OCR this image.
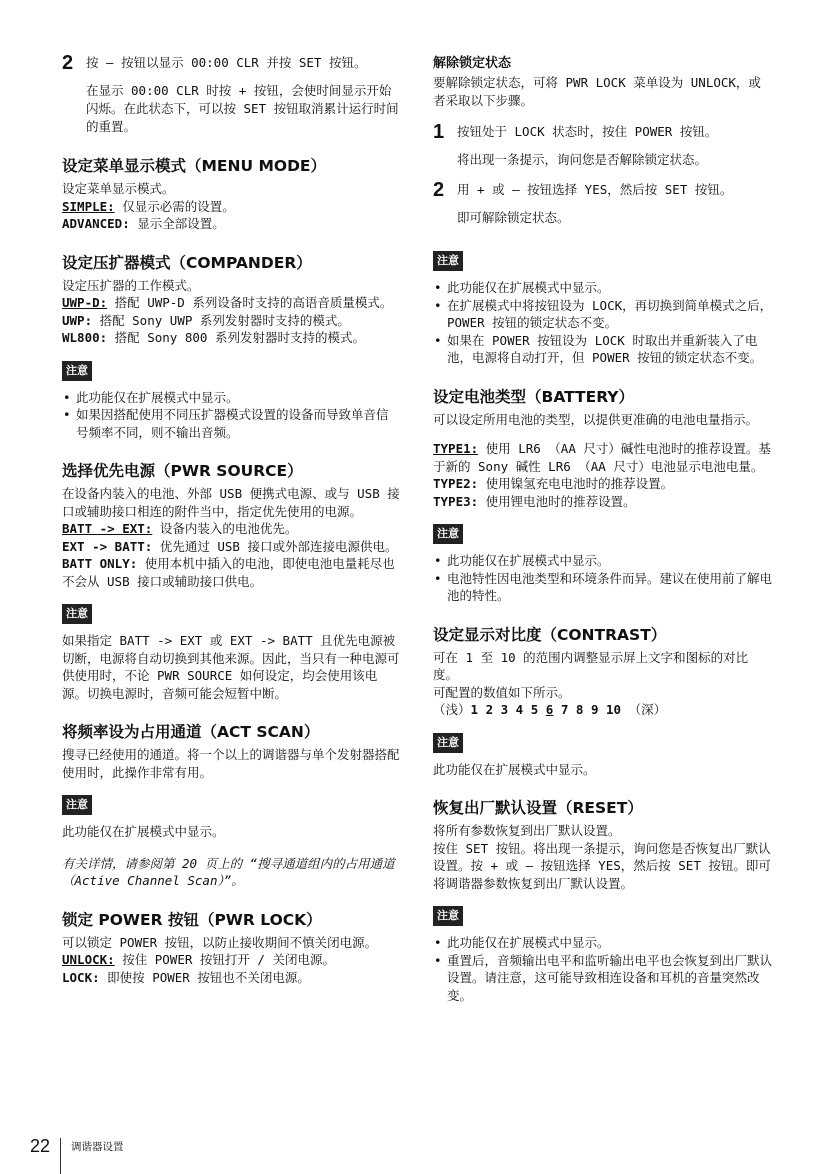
2	按 – 按钮以显示 00:00 CLR 并按 SET 按钮。
在显示 00:00 CLR 时按 + 按钮，会使时间显示开始闪烁。在此状态下，可以按 SET 按钮取消累计运行时间的重置。
设定菜单显示模式（MENU MODE）

设定菜单显示模式。

SIMPLE: 仅显示必需的设置。

ADVANCED: 显示全部设置。

设定压扩器模式（COMPANDER）

设定压扩器的工作模式。

UWP-D: 搭配 UWP-D 系列设备时支持的高语音质量模式。

UWP: 搭配 Sony UWP 系列发射器时支持的模式。

WL800: 搭配 Sony 800 系列发射器时支持的模式。

注意
• 此功能仅在扩展模式中显示。
• 如果因搭配使用不同压扩器模式设置的设备而导致单音信号频率不同，则不输出音频。
选择优先电源（PWR SOURCE）

在设备内装入的电池、外部 USB 便携式电源、或与 USB 接口或辅助接口相连的附件当中，指定优先使用的电源。

BATT -> EXT: 设备内装入的电池优先。

EXT -> BATT: 优先通过 USB 接口或外部连接电源供电。

BATT ONLY: 使用本机中插入的电池，即使电池电量耗尽也不会从 USB 接口或辅助接口供电。

注意

如果指定 BATT -> EXT 或 EXT -> BATT 且优先电源被切断，电源将自动切换到其他来源。因此，当只有一种电源可供使用时，不论 PWR SOURCE 如何设定，均会使用该电源。切换电源时，音频可能会短暂中断。

将频率设为占用通道（ACT SCAN）

搜寻已经使用的通道。将一个以上的调谐器与单个发射器搭配使用时，此操作非常有用。

注意

此功能仅在扩展模式中显示。

有关详情，请参阅第 20 页上的 “搜寻通道组内的占用通道（Active Channel Scan）”。

锁定 POWER 按钮（PWR LOCK）

可以锁定 POWER 按钮，以防止接收期间不慎关闭电源。

UNLOCK: 按住 POWER 按钮打开 / 关闭电源。

LOCK: 即使按 POWER 按钮也不关闭电源。

解除锁定状态

要解除锁定状态，可将 PWR LOCK 菜单设为 UNLOCK，或者采取以下步骤。

1	按钮处于 LOCK 状态时，按住 POWER 按钮。
将出现一条提示，询问您是否解除锁定状态。
2	用 + 或 – 按钮选择 YES，然后按 SET 按钮。
即可解除锁定状态。
注意
• 此功能仅在扩展模式中显示。
• 在扩展模式中将按钮设为 LOCK，再切换到简单模式之后，POWER 按钮的锁定状态不变。
• 如果在 POWER 按钮设为 LOCK 时取出并重新装入了电池，电源将自动打开，但 POWER 按钮的锁定状态不变。
设定电池类型（BATTERY）

可以设定所用电池的类型，以提供更准确的电池电量指示。

TYPE1: 使用 LR6 （AA 尺寸）碱性电池时的推荐设置。基于新的 Sony 碱性 LR6 （AA 尺寸）电池显示电池电量。

TYPE2: 使用镍氢充电电池时的推荐设置。

TYPE3: 使用锂电池时的推荐设置。

注意
• 此功能仅在扩展模式中显示。
• 电池特性因电池类型和环境条件而异。建议在使用前了解电池的特性。
设定显示对比度（CONTRAST）

可在 1 至 10 的范围内调整显示屏上文字和图标的对比度。

可配置的数值如下所示。

（浅）1 2 3 4 5 6 7 8 9 10 （深）
注意

此功能仅在扩展模式中显示。

恢复出厂默认设置（RESET）

将所有参数恢复到出厂默认设置。

按住 SET 按钮。将出现一条提示，询问您是否恢复出厂默认设置。按 + 或 – 按钮选择 YES，然后按 SET 按钮。即可将调谐器参数恢复到出厂默认设置。

注意
• 此功能仅在扩展模式中显示。
• 重置后，音频输出电平和监听输出电平也会恢复到出厂默认设置。请注意，这可能导致相连设备和耳机的音量突然改变。
22 调谐器设置
